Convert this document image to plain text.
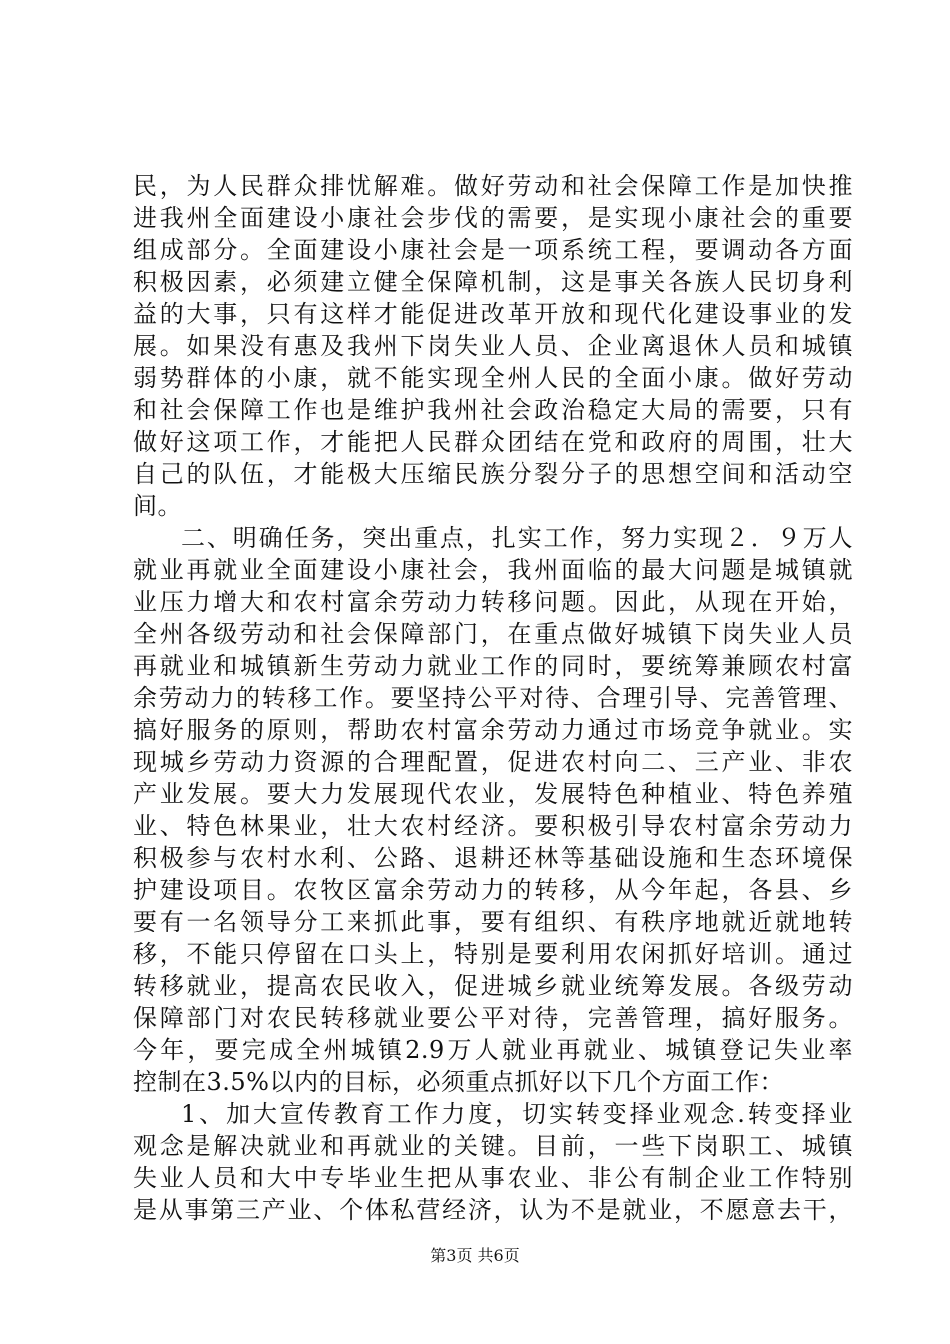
民，为人民群众排忧解难。做好劳动和社会保障工作是加快推
进我州全面建设小康社会步伐的需要，是实现小康社会的重要
组成部分。全面建设小康社会是一项系统工程，要调动各方面
积极因素，必须建立健全保障机制，这是事关各族人民切身利
益的大事，只有这样才能促进改革开放和现代化建设事业的发
展。如果没有惠及我州下岗失业人员、企业离退休人员和城镇
弱势群体的小康，就不能实现全州人民的全面小康。做好劳动
和社会保障工作也是维护我州社会政治稳定大局的需要，只有
做好这项工作，才能把人民群众团结在党和政府的周围，壮大
自己的队伍，才能极大压缩民族分裂分子的思想空间和活动空
间。
二、明确任务，突出重点，扎实工作，努力实现２．９万人
就业再就业全面建设小康社会，我州面临的最大问题是城镇就
业压力增大和农村富余劳动力转移问题。因此，从现在开始，
全州各级劳动和社会保障部门，在重点做好城镇下岗失业人员
再就业和城镇新生劳动力就业工作的同时，要统筹兼顾农村富
余劳动力的转移工作。要坚持公平对待、合理引导、完善管理、
搞好服务的原则，帮助农村富余劳动力通过市场竞争就业。实
现城乡劳动力资源的合理配置，促进农村向二、三产业、非农
产业发展。要大力发展现代农业，发展特色种植业、特色养殖
业、特色林果业，壮大农村经济。要积极引导农村富余劳动力
积极参与农村水利、公路、退耕还林等基础设施和生态环境保
护建设项目。农牧区富余劳动力的转移，从今年起，各县、乡
要有一名领导分工来抓此事，要有组织、有秩序地就近就地转
移，不能只停留在口头上，特别是要利用农闲抓好培训。通过
转移就业，提高农民收入，促进城乡就业统筹发展。各级劳动
保障部门对农民转移就业要公平对待，完善管理，搞好服务。
今年，要完成全州城镇2.9万人就业再就业、城镇登记失业率
控制在3.5%以内的目标，必须重点抓好以下几个方面工作：
1、加大宣传教育工作力度，切实转变择业观念.转变择业
观念是解决就业和再就业的关键。目前，一些下岗职工、城镇
失业人员和大中专毕业生把从事农业、非公有制企业工作特别
是从事第三产业、个体私营经济，认为不是就业，不愿意去干，
第3页 共6页
